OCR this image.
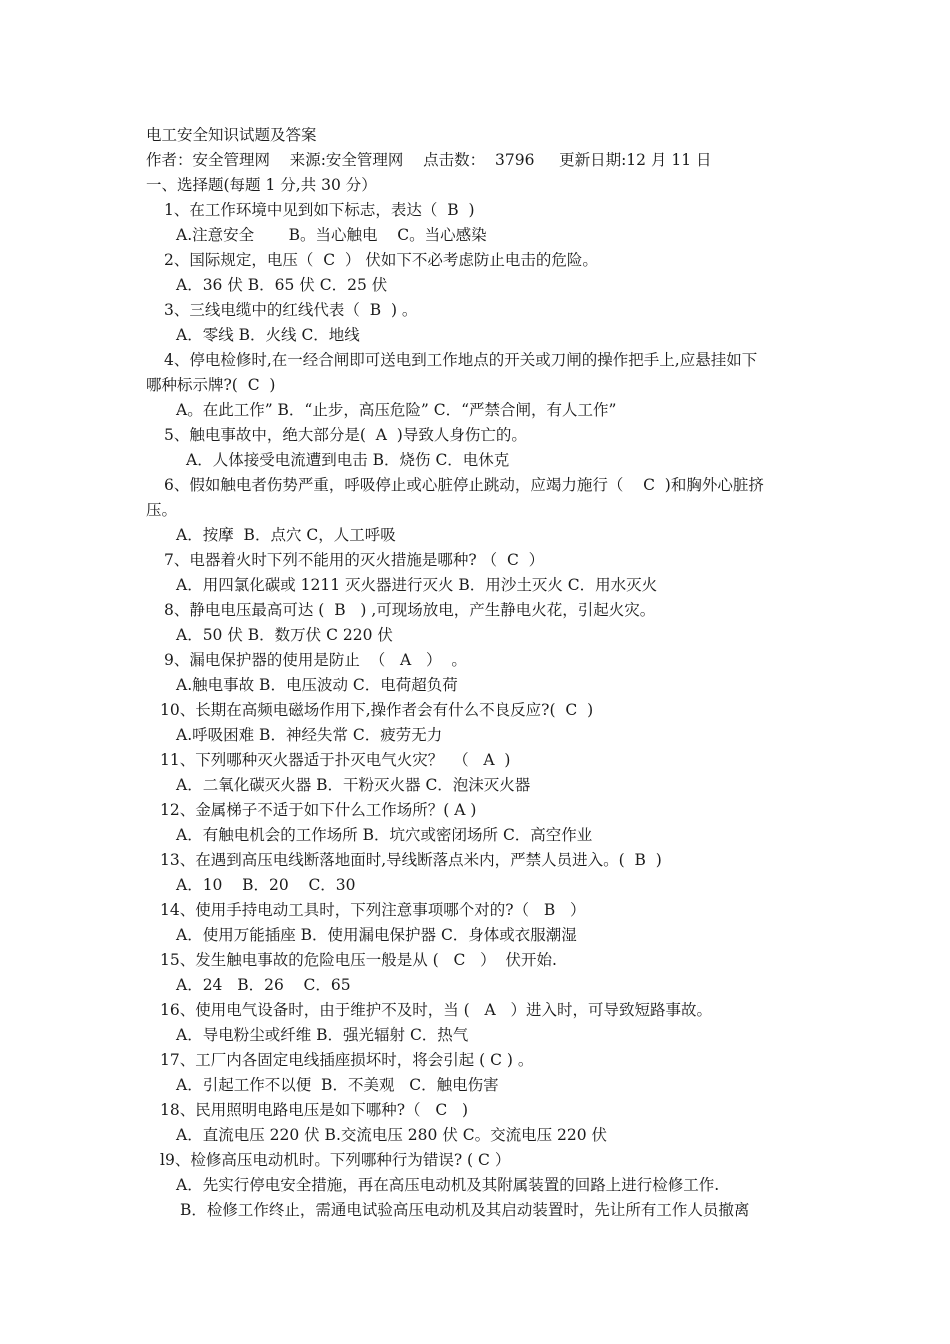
电工安全知识试题及答案

作者：安全管理网    来源:安全管理网    点击数：  3796     更新日期:12 月 11 日

一、选择题(每题 1 分,共 30 分）

1、在工作环境中见到如下标志，表达（  B  )

A.注意安全       B。当心触电    C。当心感染

2、国际规定，电压（  C  ） 伏如下不必考虑防止电击的危险。

A．36 伏 B．65 伏 C．25 伏

3、三线电缆中的红线代表（  B  ) 。

A．零线 B．火线 C．地线

4、停电检修时,在一经合闸即可送电到工作地点的开关或刀闸的操作把手上,应悬挂如下

哪种标示牌?(  C  )

A。在此工作” B．“止步，高压危险” C．“严禁合闸，有人工作”

5、触电事故中，绝大部分是(  A  )导致人身伤亡的。

A．人体接受电流遭到电击 B．烧伤 C．电休克

6、假如触电者伤势严重，呼吸停止或心脏停止跳动，应竭力施行（    C  )和胸外心脏挤

压。

A．按摩  B．点穴 C，人工呼吸

7、电器着火时下列不能用的灭火措施是哪种? （  C  ）

A．用四氯化碳或 1211 灭火器进行灭火 B．用沙土灭火 C．用水灭火

8、静电电压最高可达 (  B   ) ,可现场放电，产生静电火花，引起火灾。

A．50 伏 B．数万伏 C 220 伏

9、漏电保护器的使用是防止  （   A   ）  。

A.触电事故 B．电压波动 C．电荷超负荷

10、长期在高频电磁场作用下,操作者会有什么不良反应?(  C  )

A.呼吸困难 B．神经失常 C．疲劳无力

11、下列哪种灭火器适于扑灭电气火灾？  （   A  )

A．二氧化碳灭火器 B．干粉灭火器 C．泡沫灭火器

12、金属梯子不适于如下什么工作场所？( A )

A．有触电机会的工作场所 B．坑穴或密闭场所 C．高空作业

13、在遇到高压电线断落地面时,导线断落点米内，严禁人员进入。(  B  )

A．10    B．20    C．30

14、使用手持电动工具时，下列注意事项哪个对的?（   B   ）

A．使用万能插座 B．使用漏电保护器 C．身体或衣服潮湿

15、发生触电事故的危险电压一般是从 (   C   ）  伏开始.

A．24   B．26    C．65

16、使用电气设备时，由于维护不及时，当 (   A   ）进入时，可导致短路事故。

A．导电粉尘或纤维 B．强光辐射 C．热气

17、工厂内各固定电线插座损坏时，将会引起 ( C ) 。

A．引起工作不以便  B．不美观   C．触电伤害

18、民用照明电路电压是如下哪种?（   C   )

A．直流电压 220 伏 B.交流电压 280 伏 C。交流电压 220 伏

l9、检修高压电动机时。下列哪种行为错误? ( C ）

A．先实行停电安全措施，再在高压电动机及其附属装置的回路上进行检修工作.

B．检修工作终止，需通电试验高压电动机及其启动装置时，先让所有工作人员撤离
